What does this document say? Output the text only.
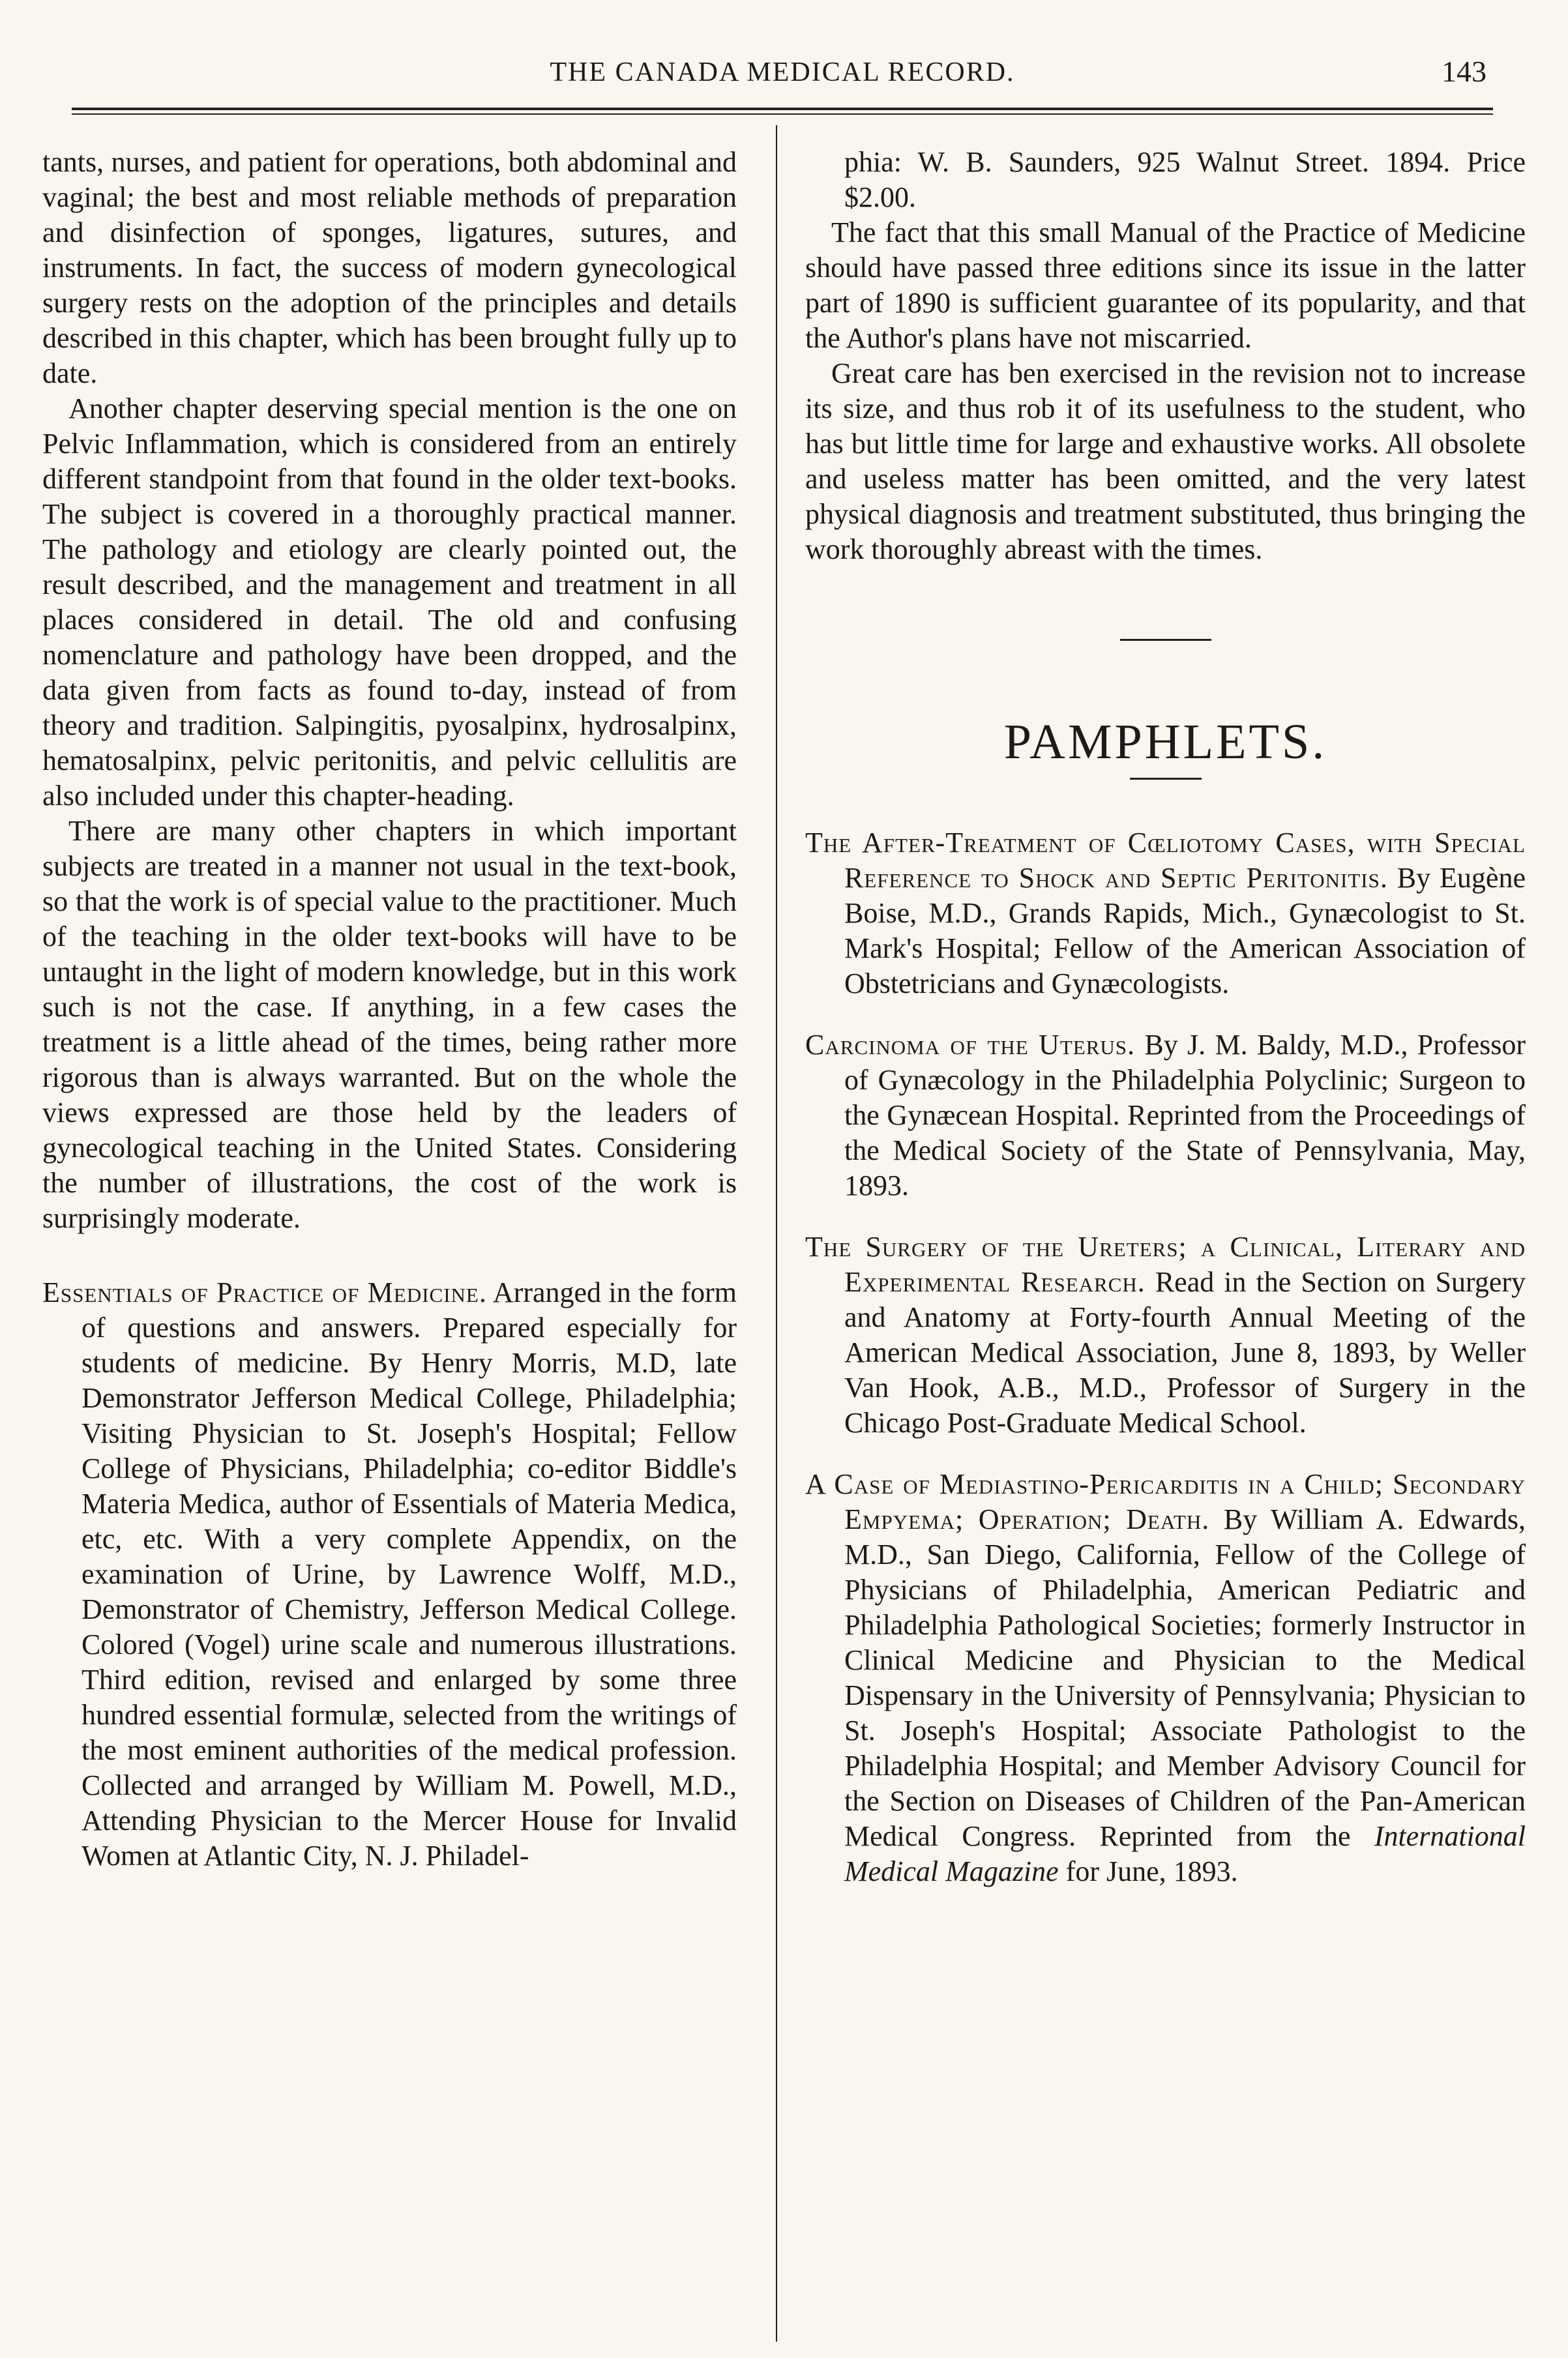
THE CANADA MEDICAL RECORD.	143

tants, nurses, and patient for operations, both abdominal and vaginal; the best and most reliable methods of preparation and disinfection of sponges, ligatures, sutures, and instruments. In fact, the success of modern gynecological surgery rests on the adoption of the principles and details described in this chapter, which has been brought fully up to date.

Another chapter deserving special mention is the one on Pelvic Inflammation, which is considered from an entirely different standpoint from that found in the older text-books. The subject is covered in a thoroughly practical manner. The pathology and etiology are clearly pointed out, the result described, and the management and treatment in all places considered in detail. The old and confusing nomenclature and pathology have been dropped, and the data given from facts as found to-day, instead of from theory and tradition. Salpingitis, pyosalpinx, hydrosalpinx, hematosalpinx, pelvic peritonitis, and pelvic cellulitis are also included under this chapter-heading.

There are many other chapters in which important subjects are treated in a manner not usual in the text-book, so that the work is of special value to the practitioner. Much of the teaching in the older text-books will have to be untaught in the light of modern knowledge, but in this work such is not the case. If anything, in a few cases the treatment is a little ahead of the times, being rather more rigorous than is always warranted. But on the whole the views expressed are those held by the leaders of gynecological teaching in the United States. Considering the number of illustrations, the cost of the work is surprisingly moderate.

Essentials of Practice of Medicine. Arranged in the form of questions and answers. Prepared especially for students of medicine. By Henry Morris, M.D, late Demonstrator Jefferson Medical College, Philadelphia; Visiting Physician to St. Joseph's Hospital; Fellow College of Physicians, Philadelphia; co-editor Biddle's Materia Medica, author of Essentials of Materia Medica, etc, etc. With a very complete Appendix, on the examination of Urine, by Lawrence Wolff, M.D., Demonstrator of Chemistry, Jefferson Medical College. Colored (Vogel) urine scale and numerous illustrations. Third edition, revised and enlarged by some three hundred essential formulæ, selected from the writings of the most eminent authorities of the medical profession. Collected and arranged by William M. Powell, M.D., Attending Physician to the Mercer House for Invalid Women at Atlantic City, N. J. Philadel-

phia: W. B. Saunders, 925 Walnut Street. 1894. Price $2.00.

The fact that this small Manual of the Practice of Medicine should have passed three editions since its issue in the latter part of 1890 is sufficient guarantee of its popularity, and that the Author's plans have not miscarried.

Great care has ben exercised in the revision not to increase its size, and thus rob it of its usefulness to the student, who has but little time for large and exhaustive works. All obsolete and useless matter has been omitted, and the very latest physical diagnosis and treatment substituted, thus bringing the work thoroughly abreast with the times.

PAMPHLETS.

The After-Treatment of Cœliotomy Cases, with Special Reference to Shock and Septic Peritonitis. By Eugène Boise, M.D., Grands Rapids, Mich., Gynæcologist to St. Mark's Hospital; Fellow of the American Association of Obstetricians and Gynæcologists.

Carcinoma of the Uterus. By J. M. Baldy, M.D., Professor of Gynæcology in the Philadelphia Polyclinic; Surgeon to the Gynæcean Hospital. Reprinted from the Proceedings of the Medical Society of the State of Pennsylvania, May, 1893.

The Surgery of the Ureters; a Clinical, Literary and Experimental Research. Read in the Section on Surgery and Anatomy at Forty-fourth Annual Meeting of the American Medical Association, June 8, 1893, by Weller Van Hook, A.B., M.D., Professor of Surgery in the Chicago Post-Graduate Medical School.

A Case of Mediastino-Pericarditis in a Child; Secondary Empyema; Operation; Death. By William A. Edwards, M.D., San Diego, California, Fellow of the College of Physicians of Philadelphia, American Pediatric and Philadelphia Pathological Societies; formerly Instructor in Clinical Medicine and Physician to the Medical Dispensary in the University of Pennsylvania; Physician to St. Joseph's Hospital; Associate Pathologist to the Philadelphia Hospital; and Member Advisory Council for the Section on Diseases of Children of the Pan-American Medical Congress. Reprinted from the International Medical Magazine for June, 1893.
